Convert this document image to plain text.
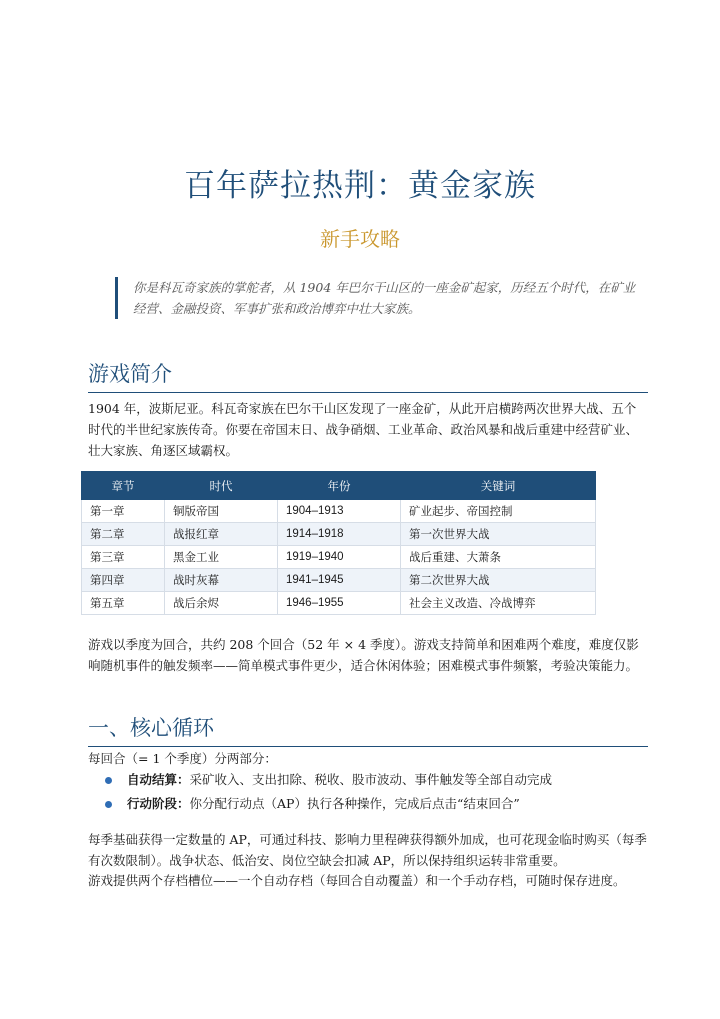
百年萨拉热荆：黄金家族
新手攻略
你是科瓦奇家族的掌舵者，从 1904 年巴尔干山区的一座金矿起家，历经五个时代，在矿业经营、金融投资、军事扩张和政治博弈中壮大家族。
游戏简介
1904 年，波斯尼亚。科瓦奇家族在巴尔干山区发现了一座金矿，从此开启横跨两次世界大战、五个时代的半世纪家族传奇。你要在帝国末日、战争硝烟、工业革命、政治风暴和战后重建中经营矿业、壮大家族、角逐区域霸权。
章节	时代	年份	关键词
第一章	铜版帝国	1904–1913	矿业起步、帝国控制
第二章	战报红章	1914–1918	第一次世界大战
第三章	黑金工业	1919–1940	战后重建、大萧条
第四章	战时灰幕	1941–1945	第二次世界大战
第五章	战后余烬	1946–1955	社会主义改造、冷战博弈
游戏以季度为回合，共约 208 个回合（52 年 × 4 季度）。游戏支持简单和困难两个难度，难度仅影响随机事件的触发频率——简单模式事件更少，适合休闲体验；困难模式事件频繁，考验决策能力。
一、核心循环
每回合（= 1 个季度）分两部分：
自动结算：采矿收入、支出扣除、税收、股市波动、事件触发等全部自动完成
行动阶段：你分配行动点（AP）执行各种操作，完成后点击“结束回合”
每季基础获得一定数量的 AP，可通过科技、影响力里程碑获得额外加成，也可花现金临时购买（每季有次数限制）。战争状态、低治安、岗位空缺会扣减 AP，所以保持组织运转非常重要。
游戏提供两个存档槽位——一个自动存档（每回合自动覆盖）和一个手动存档，可随时保存进度。
